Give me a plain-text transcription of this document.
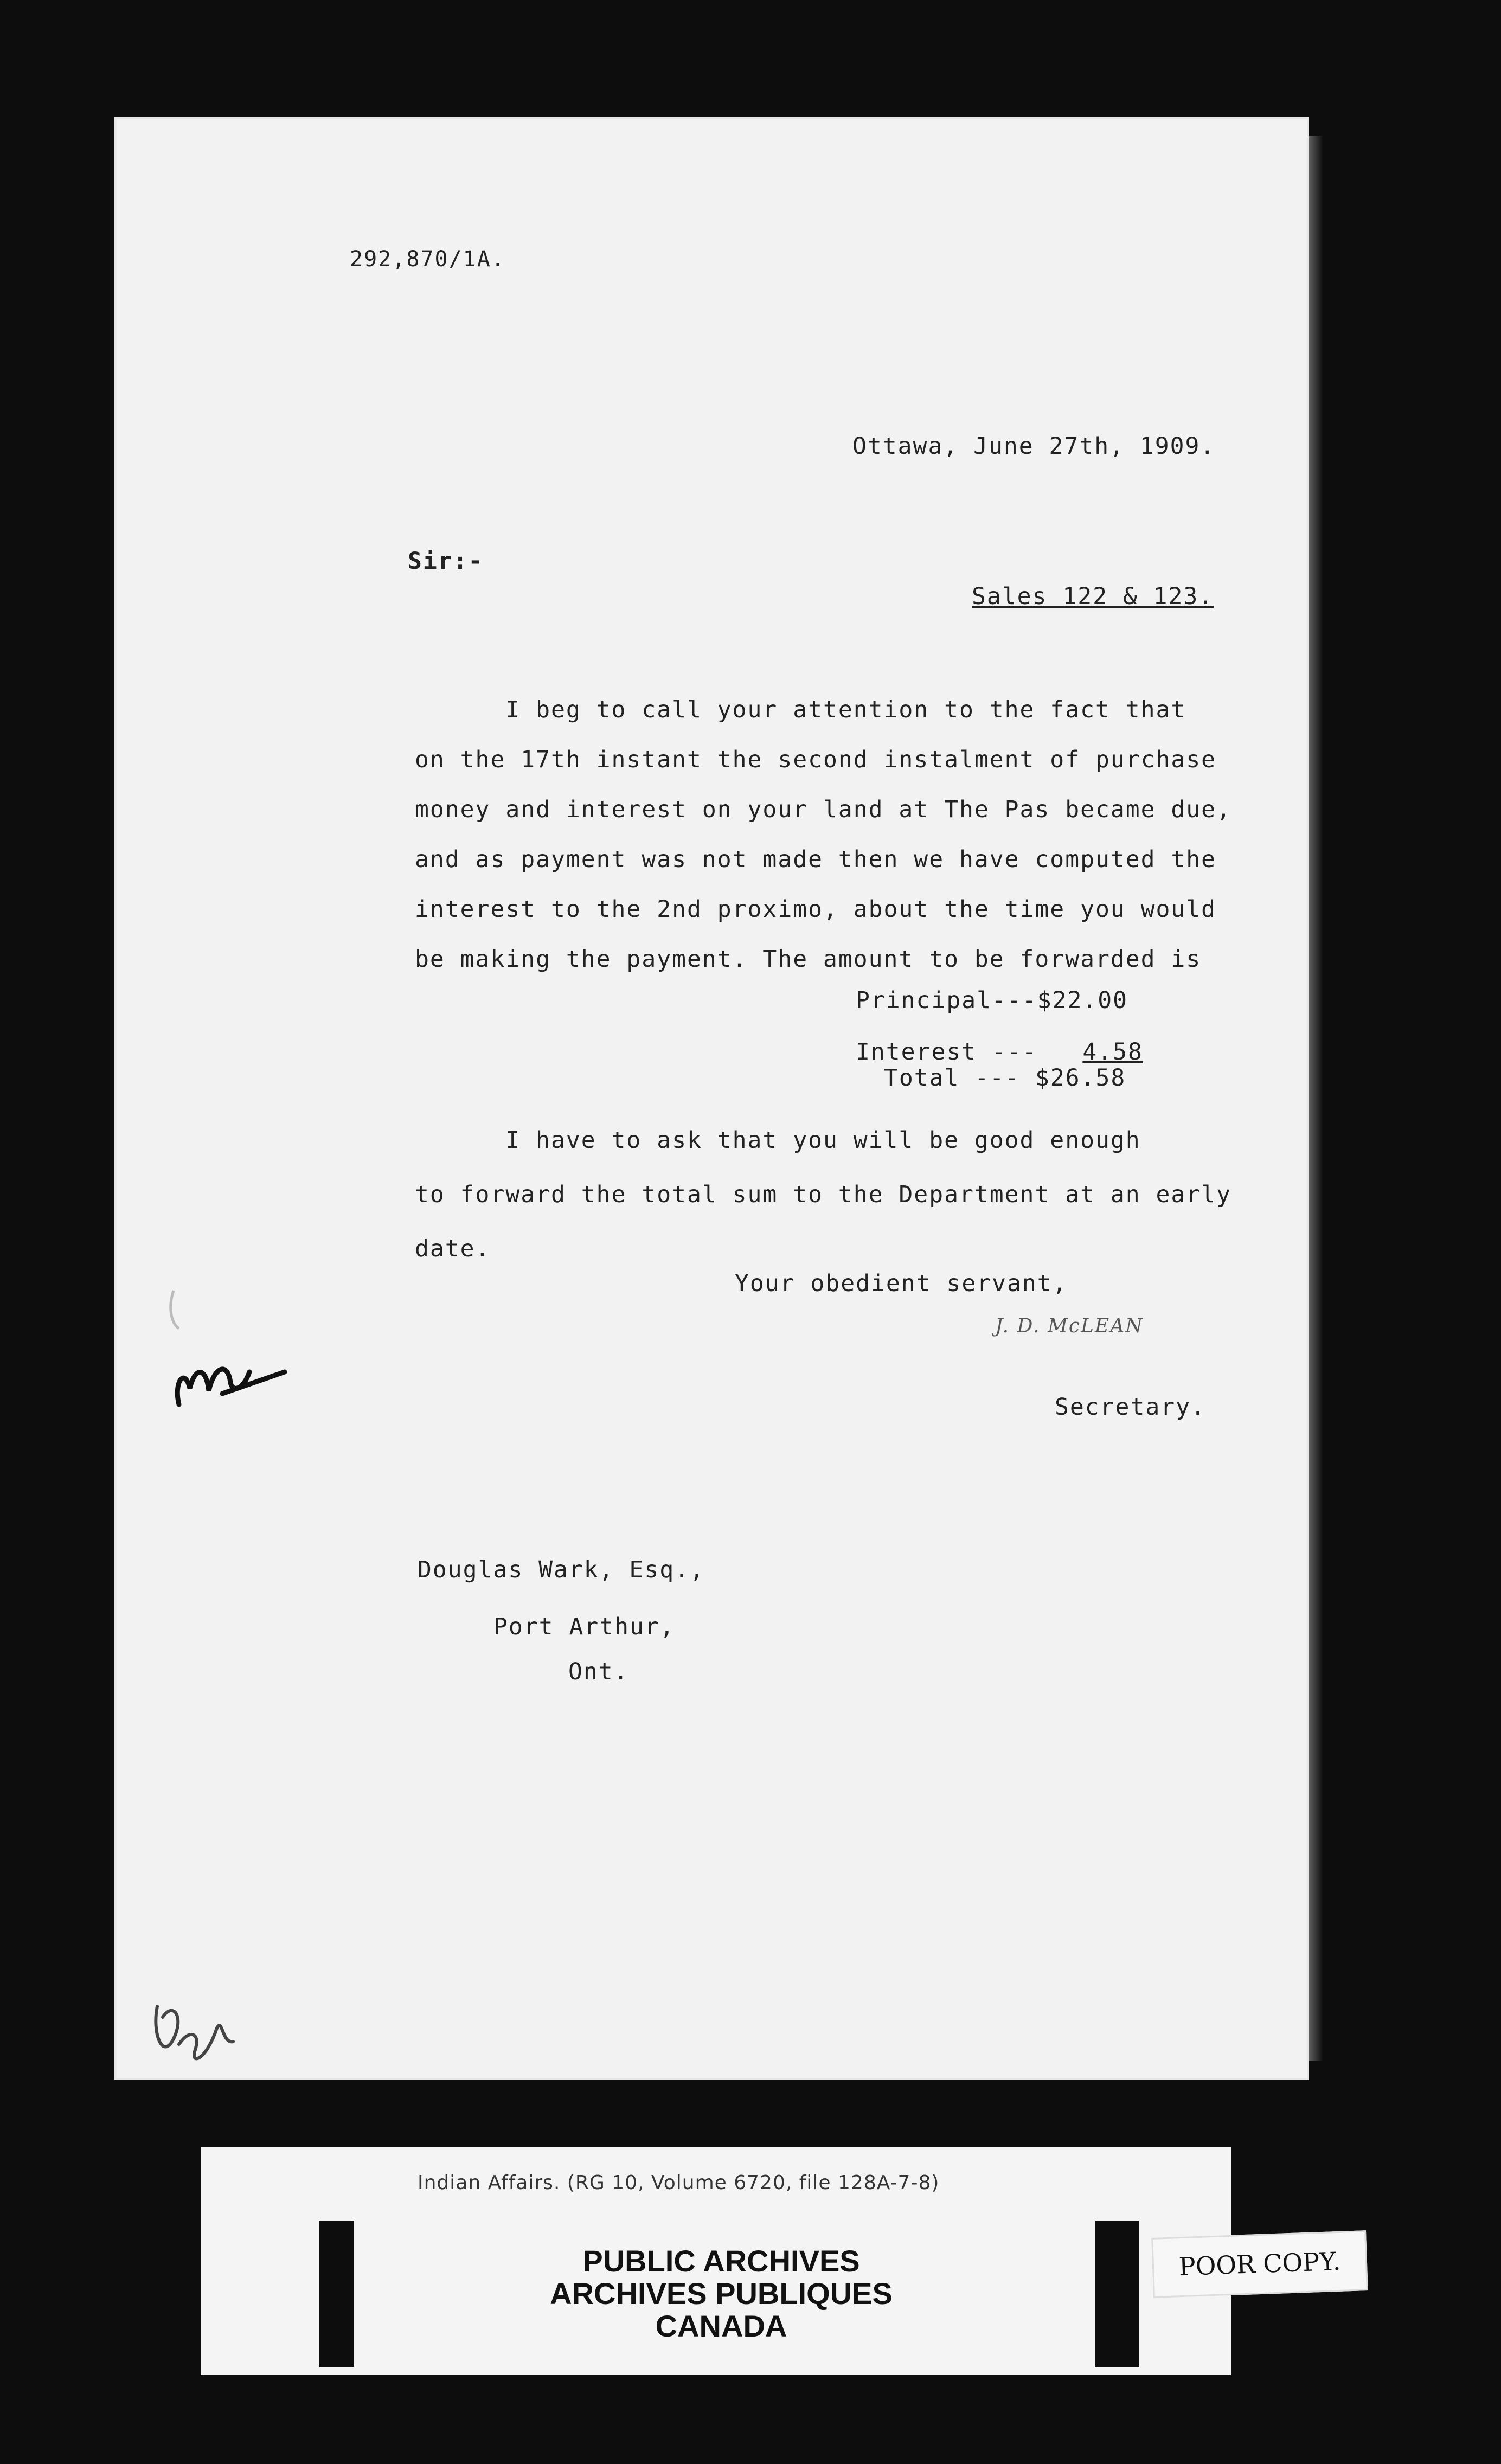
292,870/1A.
Ottawa, June 27th, 1909.
Sir:-
Sales 122 & 123.
I beg to call your attention to the fact that
on the 17th instant the second instalment of purchase
money and interest on your land at The Pas became due,
and as payment was not made then we have computed the
interest to the 2nd proximo, about the time you would
be making the payment. The amount to be forwarded is
Principal---$22.00
Interest --- 4.58
Total --- $26.58
I have to ask that you will be good enough
to forward the total sum to the Department at an early
date.
Your obedient servant,
J. D. McLEAN
Secretary.
Douglas Wark, Esq.,
Port Arthur,
Ont.
Indian Affairs. (RG 10, Volume 6720, file 128A-7-8)
PUBLIC ARCHIVES
ARCHIVES PUBLIQUES
CANADA
POOR COPY.
